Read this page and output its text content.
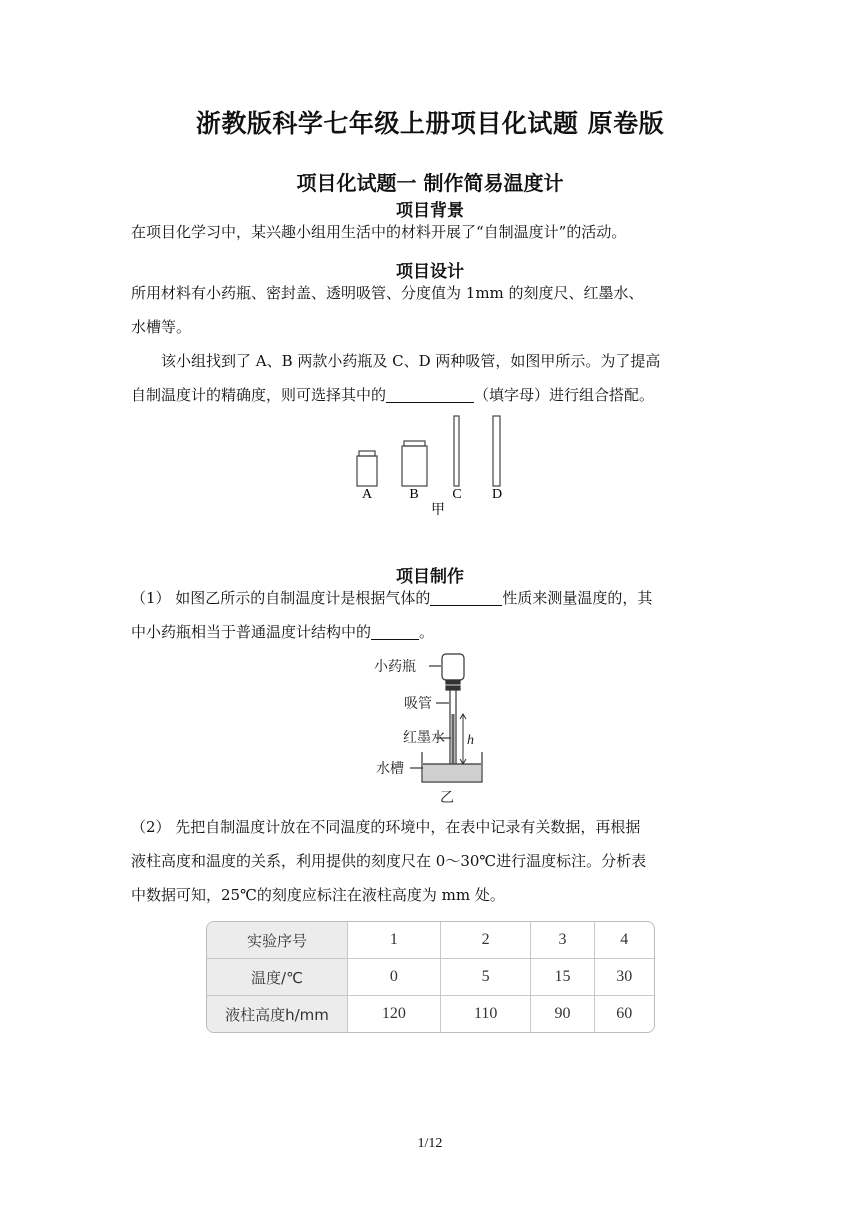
浙教版科学七年级上册项目化试题 原卷版
项目化试题一 制作简易温度计
项目背景
在项目化学习中，某兴趣小组用生活中的材料开展了“自制温度计”的活动。
项目设计
所用材料有小药瓶、密封盖、透明吸管、分度值为 1mm 的刻度尺、红墨水、
水槽等。
该小组找到了 A、B 两款小药瓶及 C、D 两种吸管，如图甲所示。为了提高
自制温度计的精确度，则可选择其中的	（填字母）进行组合搭配。
A	B C D
甲
项目制作
（1） 如图乙所示的自制温度计是根据气体的	性质来测量温度的，其
中小药瓶相当于普通温度计结构中的	。
小药瓶
吸管
红墨水
水槽
h
乙
（2） 先把自制温度计放在不同温度的环境中，在表中记录有关数据，再根据
液柱高度和温度的关系，利用提供的刻度尺在 0～30℃进行温度标注。分析表
中数据可知，25℃的刻度应标注在液柱高度为 mm 处。
实验序号	1	2	3	4
温度/℃	0	5	15	30
液柱高度h/mm	120	110	90	60
1/12
